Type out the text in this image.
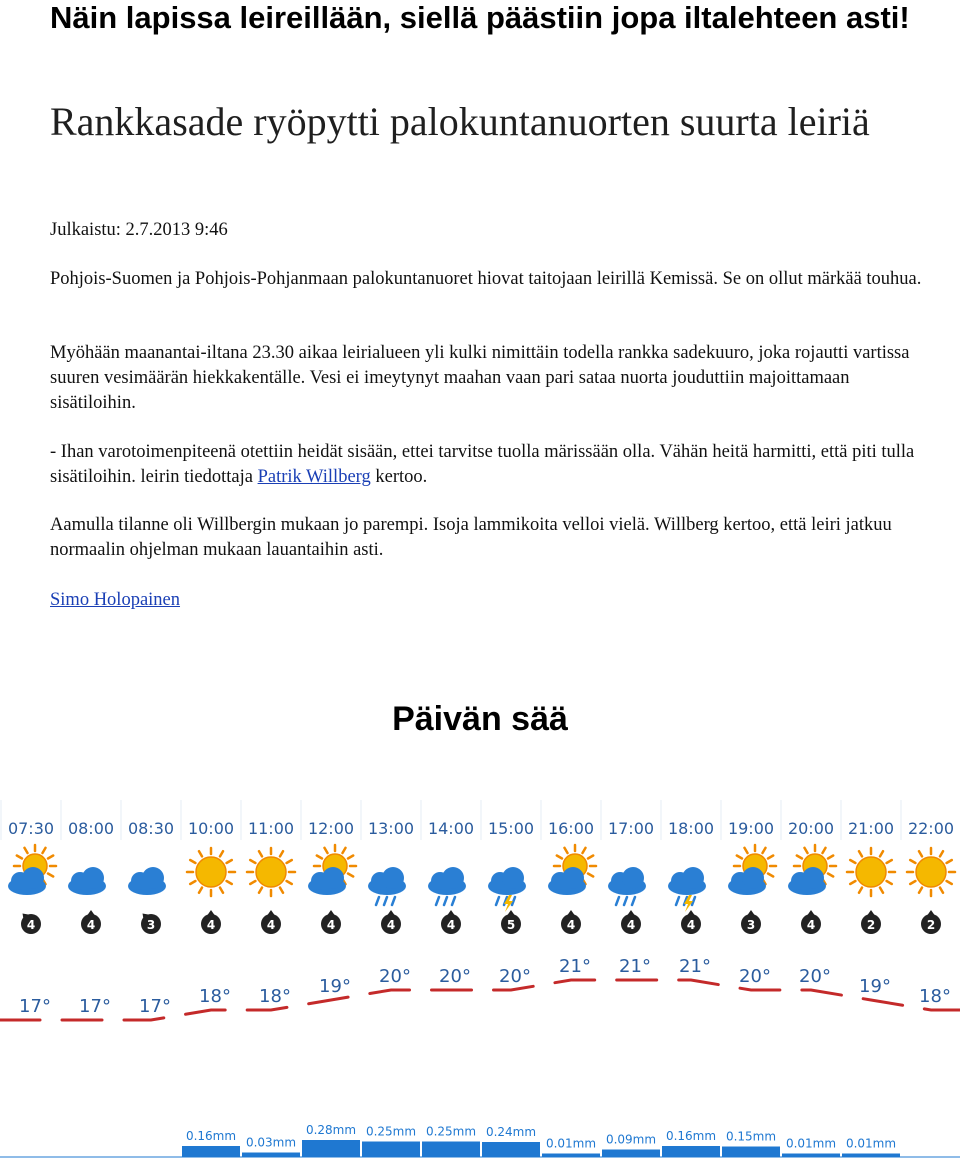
Näin lapissa leireillään, siellä päästiin jopa iltalehteen asti!
Rankkasade ryöpytti palokuntanuorten suurta leiriä
Julkaistu: 2.7.2013 9:46
Pohjois-Suomen ja Pohjois-Pohjanmaan palokuntanuoret hiovat taitojaan leirillä Kemissä. Se on ollut märkää touhua.
Myöhään maanantai-iltana 23.30 aikaa leirialueen yli kulki nimittäin todella rankka sadekuuro, joka rojautti vartissa suuren vesimäärän hiekkakentälle. Vesi ei imeytynyt maahan vaan pari sataa nuorta jouduttiin majoittamaan sisätiloihin.
- Ihan varotoimenpiteenä otettiin heidät sisään, ettei tarvitse tuolla märissään olla. Vähän heitä harmitti, että piti tulla sisätiloihin. leirin tiedottaja Patrik Willberg kertoo.
Aamulla tilanne oli Willbergin mukaan jo parempi. Isoja lammikoita velloi vielä. Willberg kertoo, että leiri jatkuu normaalin ohjelman mukaan lauantaihin asti.
Simo Holopainen
Päivän sää
07:30
4
17°
08:00
4
17°
08:30
3
17°
10:00
4
18°
0.16mm
11:00
4
18°
0.03mm
12:00
4
19°
0.28mm
13:00
4
20°
0.25mm
14:00
4
20°
0.25mm
15:00
5
20°
0.24mm
16:00
4
21°
0.01mm
17:00
4
21°
0.09mm
18:00
4
21°
0.16mm
19:00
3
20°
0.15mm
20:00
4
20°
0.01mm
21:00
2
19°
0.01mm
22:00
2
18°
